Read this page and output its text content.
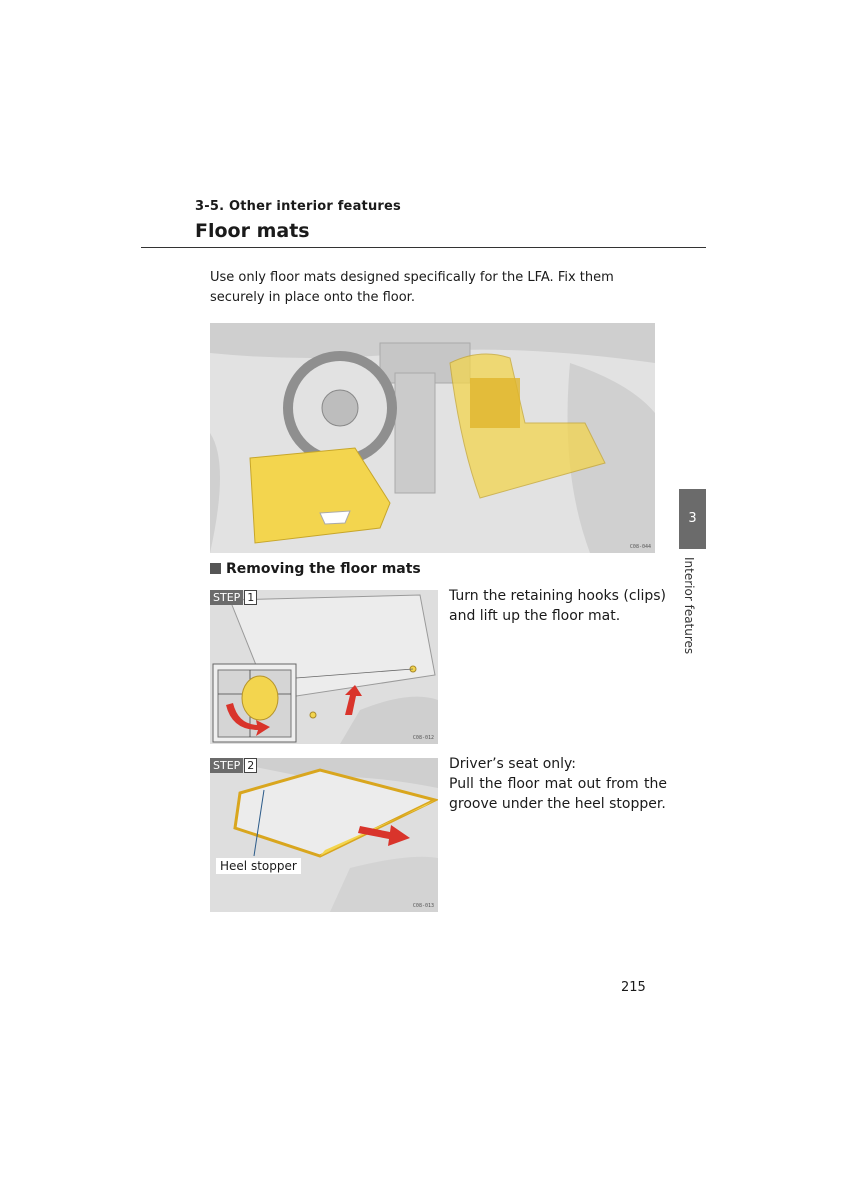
3-5. Other interior features
Floor mats
Use only floor mats designed specifically for the LFA. Fix them securely in place onto the floor.
C08-044
Removing the floor mats
STEP 1
C08-012
Turn the retaining hooks (clips) and lift up the floor mat.
STEP 2
C08-013
Heel stopper
Driver’s seat only:
Pull the floor mat out from the groove under the heel stopper.
3
Interior features
215
